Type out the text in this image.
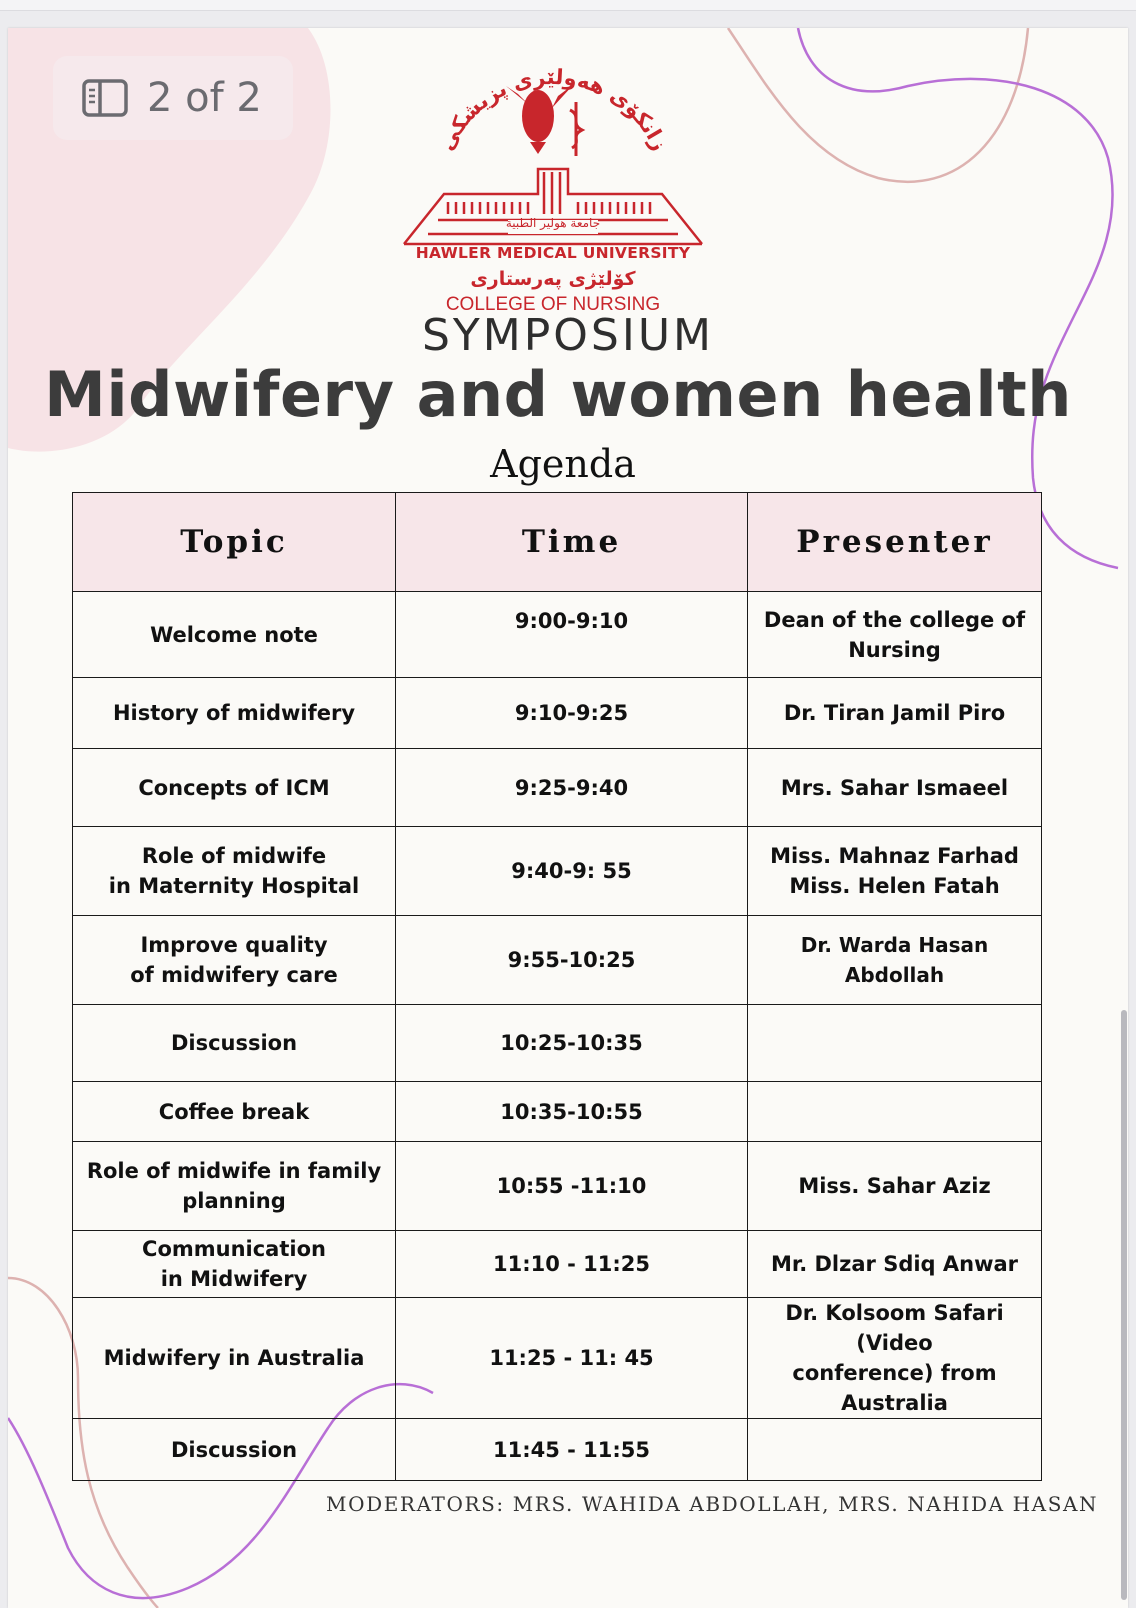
2 of 2
زانكۆى هەولێرى پزیشكى
جامعة هولير الطبية
HAWLER MEDICAL UNIVERSITY
كۆلێژى پەرستارى
COLLEGE OF NURSING
SYMPOSIUM
Midwifery and women health
Agenda
Topic	Time	Presenter
Welcome note	9:00-9:10	Dean of the college of
Nursing
History of midwifery	9:10-9:25	Dr. Tiran Jamil Piro
Concepts of ICM	9:25-9:40	Mrs. Sahar Ismaeel
Role of midwife
in Maternity Hospital	9:40-9: 55	Miss. Mahnaz Farhad
Miss. Helen Fatah
Improve quality
of midwifery care	9:55-10:25	Dr. Warda Hasan Abdollah
Discussion	10:25-10:35	
Coffee break	10:35-10:55	
Role of midwife in family
planning	10:55 -11:10	Miss. Sahar Aziz
Communication
in Midwifery	11:10 - 11:25	Mr. Dlzar Sdiq Anwar
Midwifery in Australia	11:25 - 11: 45	Dr. Kolsoom Safari (Video
conference) from
Australia
Discussion	11:45 - 11:55	
MODERATORS: MRS. WAHIDA ABDOLLAH, MRS. NAHIDA HASAN
